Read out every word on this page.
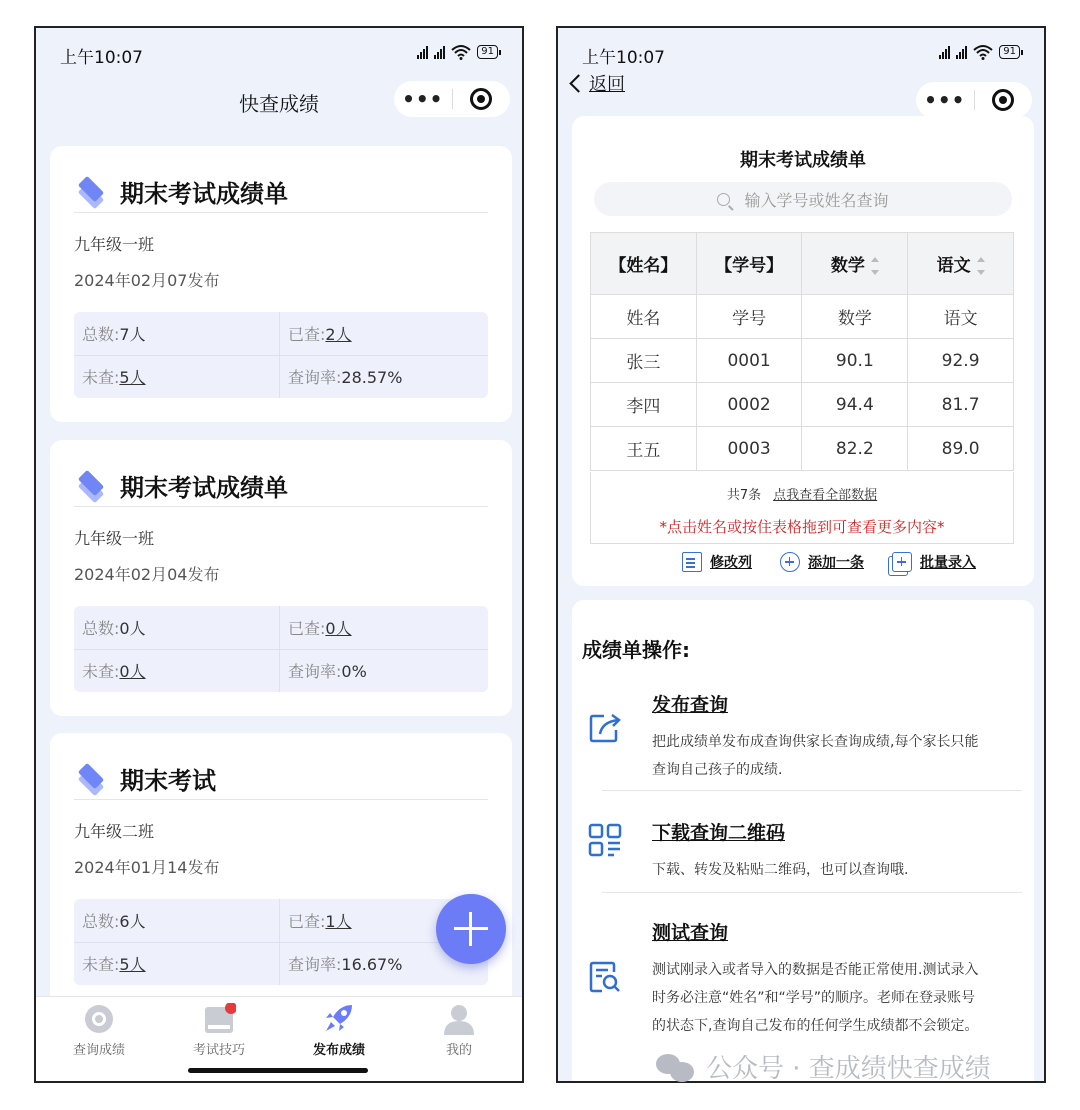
上午10:07	91
快查成绩	•••
期末考试成绩单
九年级一班
2024年02月07发布
总数:7人	已查:2人
未查:5人	查询率:28.57%
期末考试成绩单
九年级一班
2024年02月04发布
总数:0人	已查:0人
未查:0人	查询率:0%
期末考试
九年级二班
2024年01月14发布
总数:6人	已查:1人
未查:5人	查询率:16.67%
查询成绩	考试技巧	发布成绩	我的
上午10:07	91
返回
•••
期末考试成绩单
输入学号或姓名查询
【姓名】	【学号】	数学	语文
姓名	学号	数学	语文
张三	0001	90.1	92.9
李四	0002	94.4	81.7
王五	0003	82.2	89.0
共7条 点我查看全部数据
*点击姓名或按住表格拖到可查看更多内容*
修改列	添加一条	批量录入
成绩单操作:
发布查询
把此成绩单发布成查询供家长查询成绩,每个家长只能查询自己孩子的成绩.
下载查询二维码
下载、转发及粘贴二维码，也可以查询哦.
测试查询
测试刚录入或者导入的数据是否能正常使用.测试录入时务必注意“姓名”和“学号”的顺序。老师在登录账号的状态下,查询自己发布的任何学生成绩都不会锁定。
公众号 · 查成绩快查成绩
